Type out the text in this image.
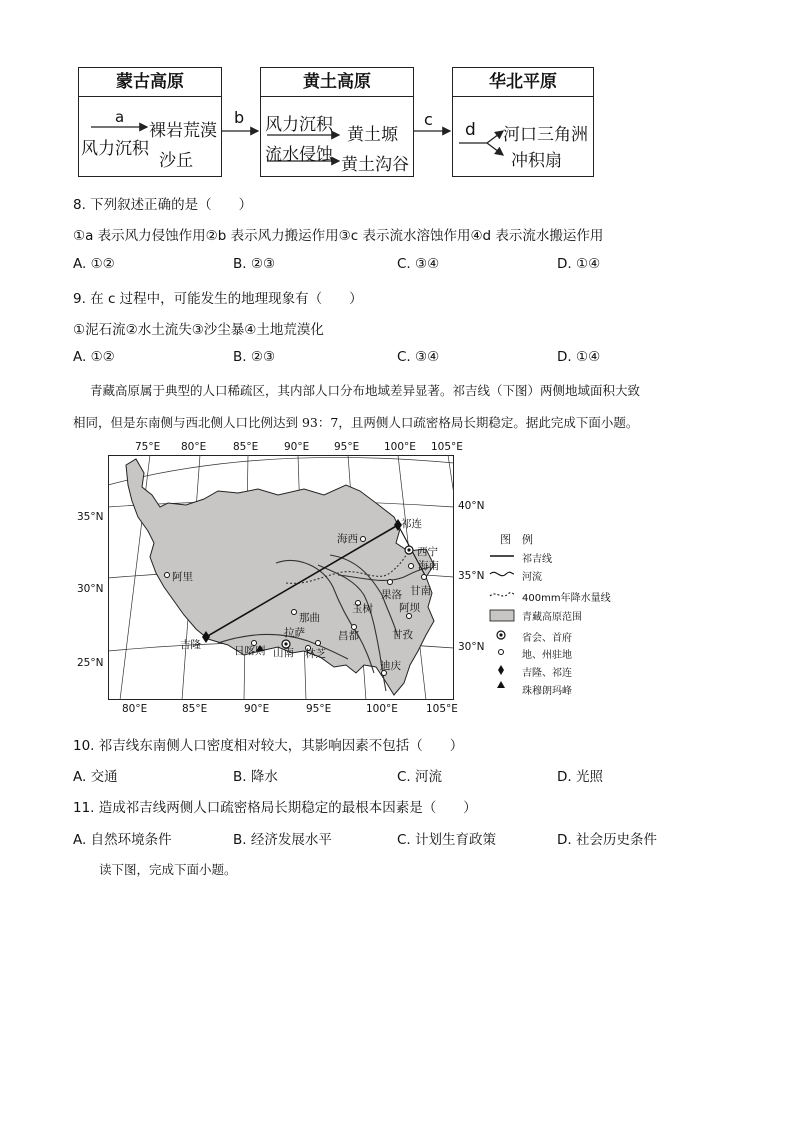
蒙古高原
a
裸岩荒漠
风力沉积
沙丘
b
黄土高原
风力沉积 黄土塬
流水侵蚀 黄土沟谷
c
华北平原
d 河口三角洲
冲积扇
8. 下列叙述正确的是（　　）
①a 表示风力侵蚀作用②b 表示风力搬运作用③c 表示流水溶蚀作用④d 表示流水搬运作用
A. ①②	B. ②③	C. ③④	D. ①④
9. 在 c 过程中，可能发生的地理现象有（　　）
①泥石流②水土流失③沙尘暴④土地荒漠化
A. ①②	B. ②③	C. ③④	D. ①④
青藏高原属于典型的人口稀疏区，其内部人口分布地域差异显著。祁吉线（下图）两侧地域面积大致
相同，但是东南侧与西北侧人口比例达到 93：7，且两侧人口疏密格局长期稳定。据此完成下面小题。
75°E 80°E	85°E 90°E 95°E 100°E 105°E
80°E	85°E	90°E	95°E	100°E	105°E
35°N
30°N
25°N
40°N
35°N
30°N
祁连
海西
西宁
海南
阿里
果洛 甘南
玉树 阿坝
那曲
吉隆
拉萨	昌都	甘孜
日喀则 山南 林芝
迪庆
图　例
祁吉线
河流
400mm年降水量线
青藏高原范围
省会、首府
地、州驻地
吉隆、祁连
珠穆朗玛峰
10. 祁吉线东南侧人口密度相对较大，其影响因素不包括（　　）
A. 交通	B. 降水	C. 河流	D. 光照
11. 造成祁吉线两侧人口疏密格局长期稳定的最根本因素是（　　）
A. 自然环境条件	B. 经济发展水平	C. 计划生育政策	D. 社会历史条件
读下图，完成下面小题。
